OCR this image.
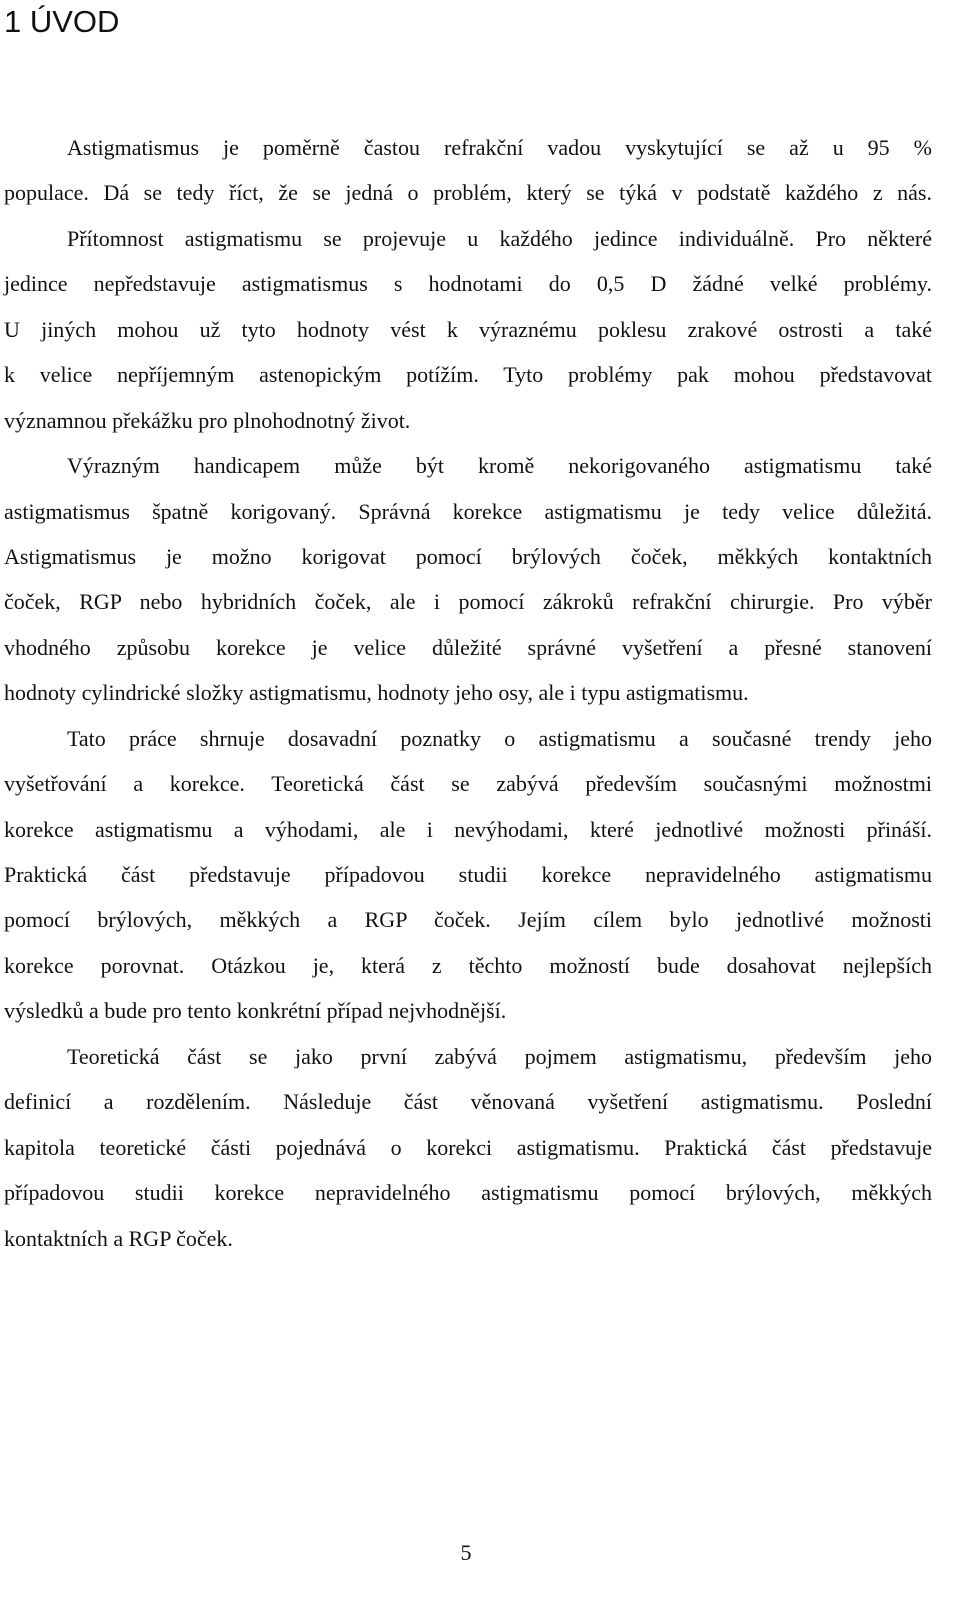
1 ÚVOD
Astigmatismus je poměrně častou refrakční vadou vyskytující se až u 95 %
populace. Dá se tedy říct, že se jedná o problém, který se týká v podstatě každého z nás.
Přítomnost astigmatismu se projevuje u každého jedince individuálně. Pro některé
jedince nepředstavuje astigmatismus s hodnotami do 0,5 D žádné velké problémy.
U jiných mohou už tyto hodnoty vést k výraznému poklesu zrakové ostrosti a také
k velice nepříjemným astenopickým potížím. Tyto problémy pak mohou představovat
významnou překážku pro plnohodnotný život.
Výrazným handicapem může být kromě nekorigovaného astigmatismu také
astigmatismus špatně korigovaný. Správná korekce astigmatismu je tedy velice důležitá.
Astigmatismus je možno korigovat pomocí brýlových čoček, měkkých kontaktních
čoček, RGP nebo hybridních čoček, ale i pomocí zákroků refrakční chirurgie. Pro výběr
vhodného způsobu korekce je velice důležité správné vyšetření a přesné stanovení
hodnoty cylindrické složky astigmatismu, hodnoty jeho osy, ale i typu astigmatismu.
Tato práce shrnuje dosavadní poznatky o astigmatismu a současné trendy jeho
vyšetřování a korekce. Teoretická část se zabývá především současnými možnostmi
korekce astigmatismu a výhodami, ale i nevýhodami, které jednotlivé možnosti přináší.
Praktická část představuje případovou studii korekce nepravidelného astigmatismu
pomocí brýlových, měkkých a RGP čoček. Jejím cílem bylo jednotlivé možnosti
korekce porovnat. Otázkou je, která z těchto možností bude dosahovat nejlepších
výsledků a bude pro tento konkrétní případ nejvhodnější.
Teoretická část se jako první zabývá pojmem astigmatismu, především jeho
definicí a rozdělením. Následuje část věnovaná vyšetření astigmatismu. Poslední
kapitola teoretické části pojednává o korekci astigmatismu. Praktická část představuje
případovou studii korekce nepravidelného astigmatismu pomocí brýlových, měkkých
kontaktních a RGP čoček.
5
